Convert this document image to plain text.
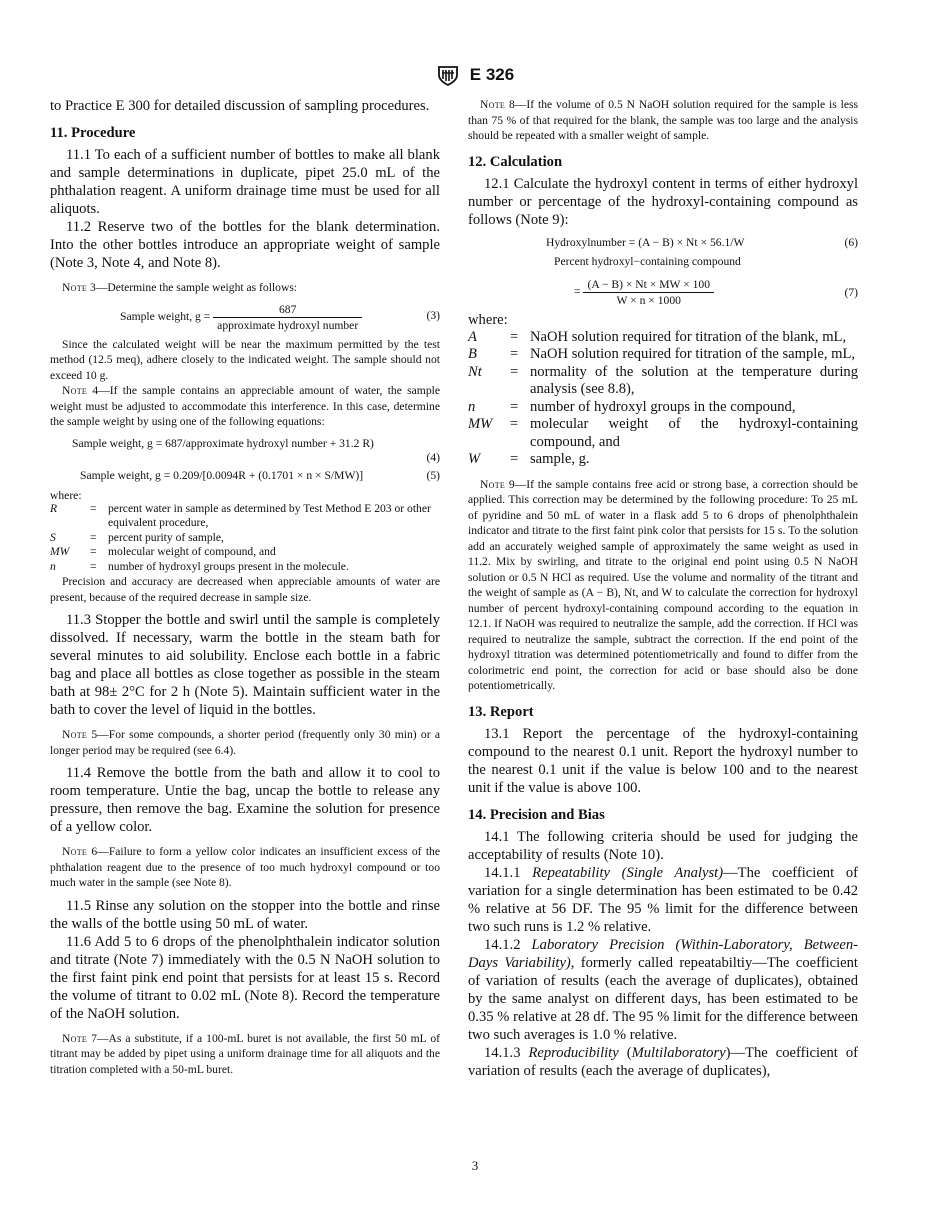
E 326

to Practice E 300 for detailed discussion of sampling procedures.

11. Procedure

11.1 To each of a sufficient number of bottles to make all blank and sample determinations in duplicate, pipet 25.0 mL of the phthalation reagent. A uniform drainage time must be used for all aliquots.

11.2 Reserve two of the bottles for the blank determination. Into the other bottles introduce an appropriate weight of sample (Note 3, Note 4, and Note 8).

Note 3—Determine the sample weight as follows:

Sample weight, $g = \frac{687}{\text{approximate hydroxyl number}}$	(3)

Since the calculated weight will be near the maximum permitted by the test method (12.5 meq), adhere closely to the indicated weight. The sample should not exceed 10 g.

Note 4—If the sample contains an appreciable amount of water, the sample weight must be adjusted to accommodate this interference. In this case, determine the sample weight by using one of the following equations:

Sample weight, g = 687/approximate hydroxyl number + 31.2 R)
(4)
Sample weight, g = 0.209/[0.0094R + (0.1701 × n × S/MW)]	(5)
where:
R	=	percent water in sample as determined by Test Method E 203 or other equivalent procedure,
S	=	percent purity of sample,
MW	=	molecular weight of compound, and
n	=	number of hydroxyl groups present in the molecule.

Precision and accuracy are decreased when appreciable amounts of water are present, because of the required decrease in sample size.

11.3 Stopper the bottle and swirl until the sample is completely dissolved. If necessary, warm the bottle in the steam bath for several minutes to aid solubility. Enclose each bottle in a fabric bag and place all bottles as close together as possible in the steam bath at 98± 2°C for 2 h (Note 5). Maintain sufficient water in the bath to cover the level of liquid in the bottles.

Note 5—For some compounds, a shorter period (frequently only 30 min) or a longer period may be required (see 6.4).

11.4 Remove the bottle from the bath and allow it to cool to room temperature. Untie the bag, uncap the bottle to release any pressure, then remove the bag. Examine the solution for presence of a yellow color.

Note 6—Failure to form a yellow color indicates an insufficient excess of the phthalation reagent due to the presence of too much hydroxyl compound or too much water in the sample (see Note 8).

11.5 Rinse any solution on the stopper into the bottle and rinse the walls of the bottle using 50 mL of water.

11.6 Add 5 to 6 drops of the phenolphthalein indicator solution and titrate (Note 7) immediately with the 0.5 N NaOH solution to the first faint pink end point that persists for at least 15 s. Record the volume of titrant to 0.02 mL (Note 8). Record the temperature of the NaOH solution.

Note 7—As a substitute, if a 100-mL buret is not available, the first 50 mL of titrant may be added by pipet using a uniform drainage time for all aliquots and the titration completed with a 50-mL buret.

Note 8—If the volume of 0.5 N NaOH solution required for the sample is less than 75 % of that required for the blank, the sample was too large and the analysis should be repeated with a smaller weight of sample.

12. Calculation

12.1 Calculate the hydroxyl content in terms of either hydroxyl number or percentage of the hydroxyl-containing compound as follows (Note 9):

Hydroxylnumber = (A − B) × Nt × 56.1/W	(6)
Percent hydroxyl−containing compound
= $\frac{(A - B) \times Nt \times MW \times 100}{W \times n \times 1000}$	(7)
where:
A	=	NaOH solution required for titration of the blank, mL,
B	=	NaOH solution required for titration of the sample, mL,
Nt	=	normality of the solution at the temperature during analysis (see 8.8),
n	=	number of hydroxyl groups in the compound,
MW	=	molecular weight of the hydroxyl-containing compound, and
W	=	sample, g.

Note 9—If the sample contains free acid or strong base, a correction should be applied. This correction may be determined by the following procedure: To 25 mL of pyridine and 50 mL of water in a flask add 5 to 6 drops of phenolphthalein indicator and titrate to the first faint pink color that persists for 15 s. To the solution add an accurately weighed sample of approximately the same weight as used in 11.2. Mix by swirling, and titrate to the original end point using 0.5 N NaOH solution or 0.5 N HCl as required. Use the volume and normality of the titrant and the weight of sample as (A − B), Nt, and W to calculate the correction for hydroxyl number of percent hydroxyl-containing compound according to the equation in 12.1. If NaOH was required to neutralize the sample, add the correction. If HCl was required to neutralize the sample, subtract the correction. If the end point of the hydroxyl titration was determined potentiometrically and found to differ from the colorimetric end point, the correction for acid or base should also be done potentiometrically.

13. Report

13.1 Report the percentage of the hydroxyl-containing compound to the nearest 0.1 unit. Report the hydroxyl number to the nearest 0.1 unit if the value is below 100 and to the nearest unit if the value is above 100.

14. Precision and Bias

14.1 The following criteria should be used for judging the acceptability of results (Note 10).

14.1.1 Repeatability (Single Analyst)—The coefficient of variation for a single determination has been estimated to be 0.42 % relative at 56 DF. The 95 % limit for the difference between two such runs is 1.2 % relative.

14.1.2 Laboratory Precision (Within-Laboratory, Between-Days Variability), formerly called repeatabiltiy—The coefficient of variation of results (each the average of duplicates), obtained by the same analyst on different days, has been estimated to be 0.35 % relative at 28 df. The 95 % limit for the difference between two such averages is 1.0 % relative.

14.1.3 Reproducibility (Multilaboratory)—The coefficient of variation of results (each the average of duplicates),

3
